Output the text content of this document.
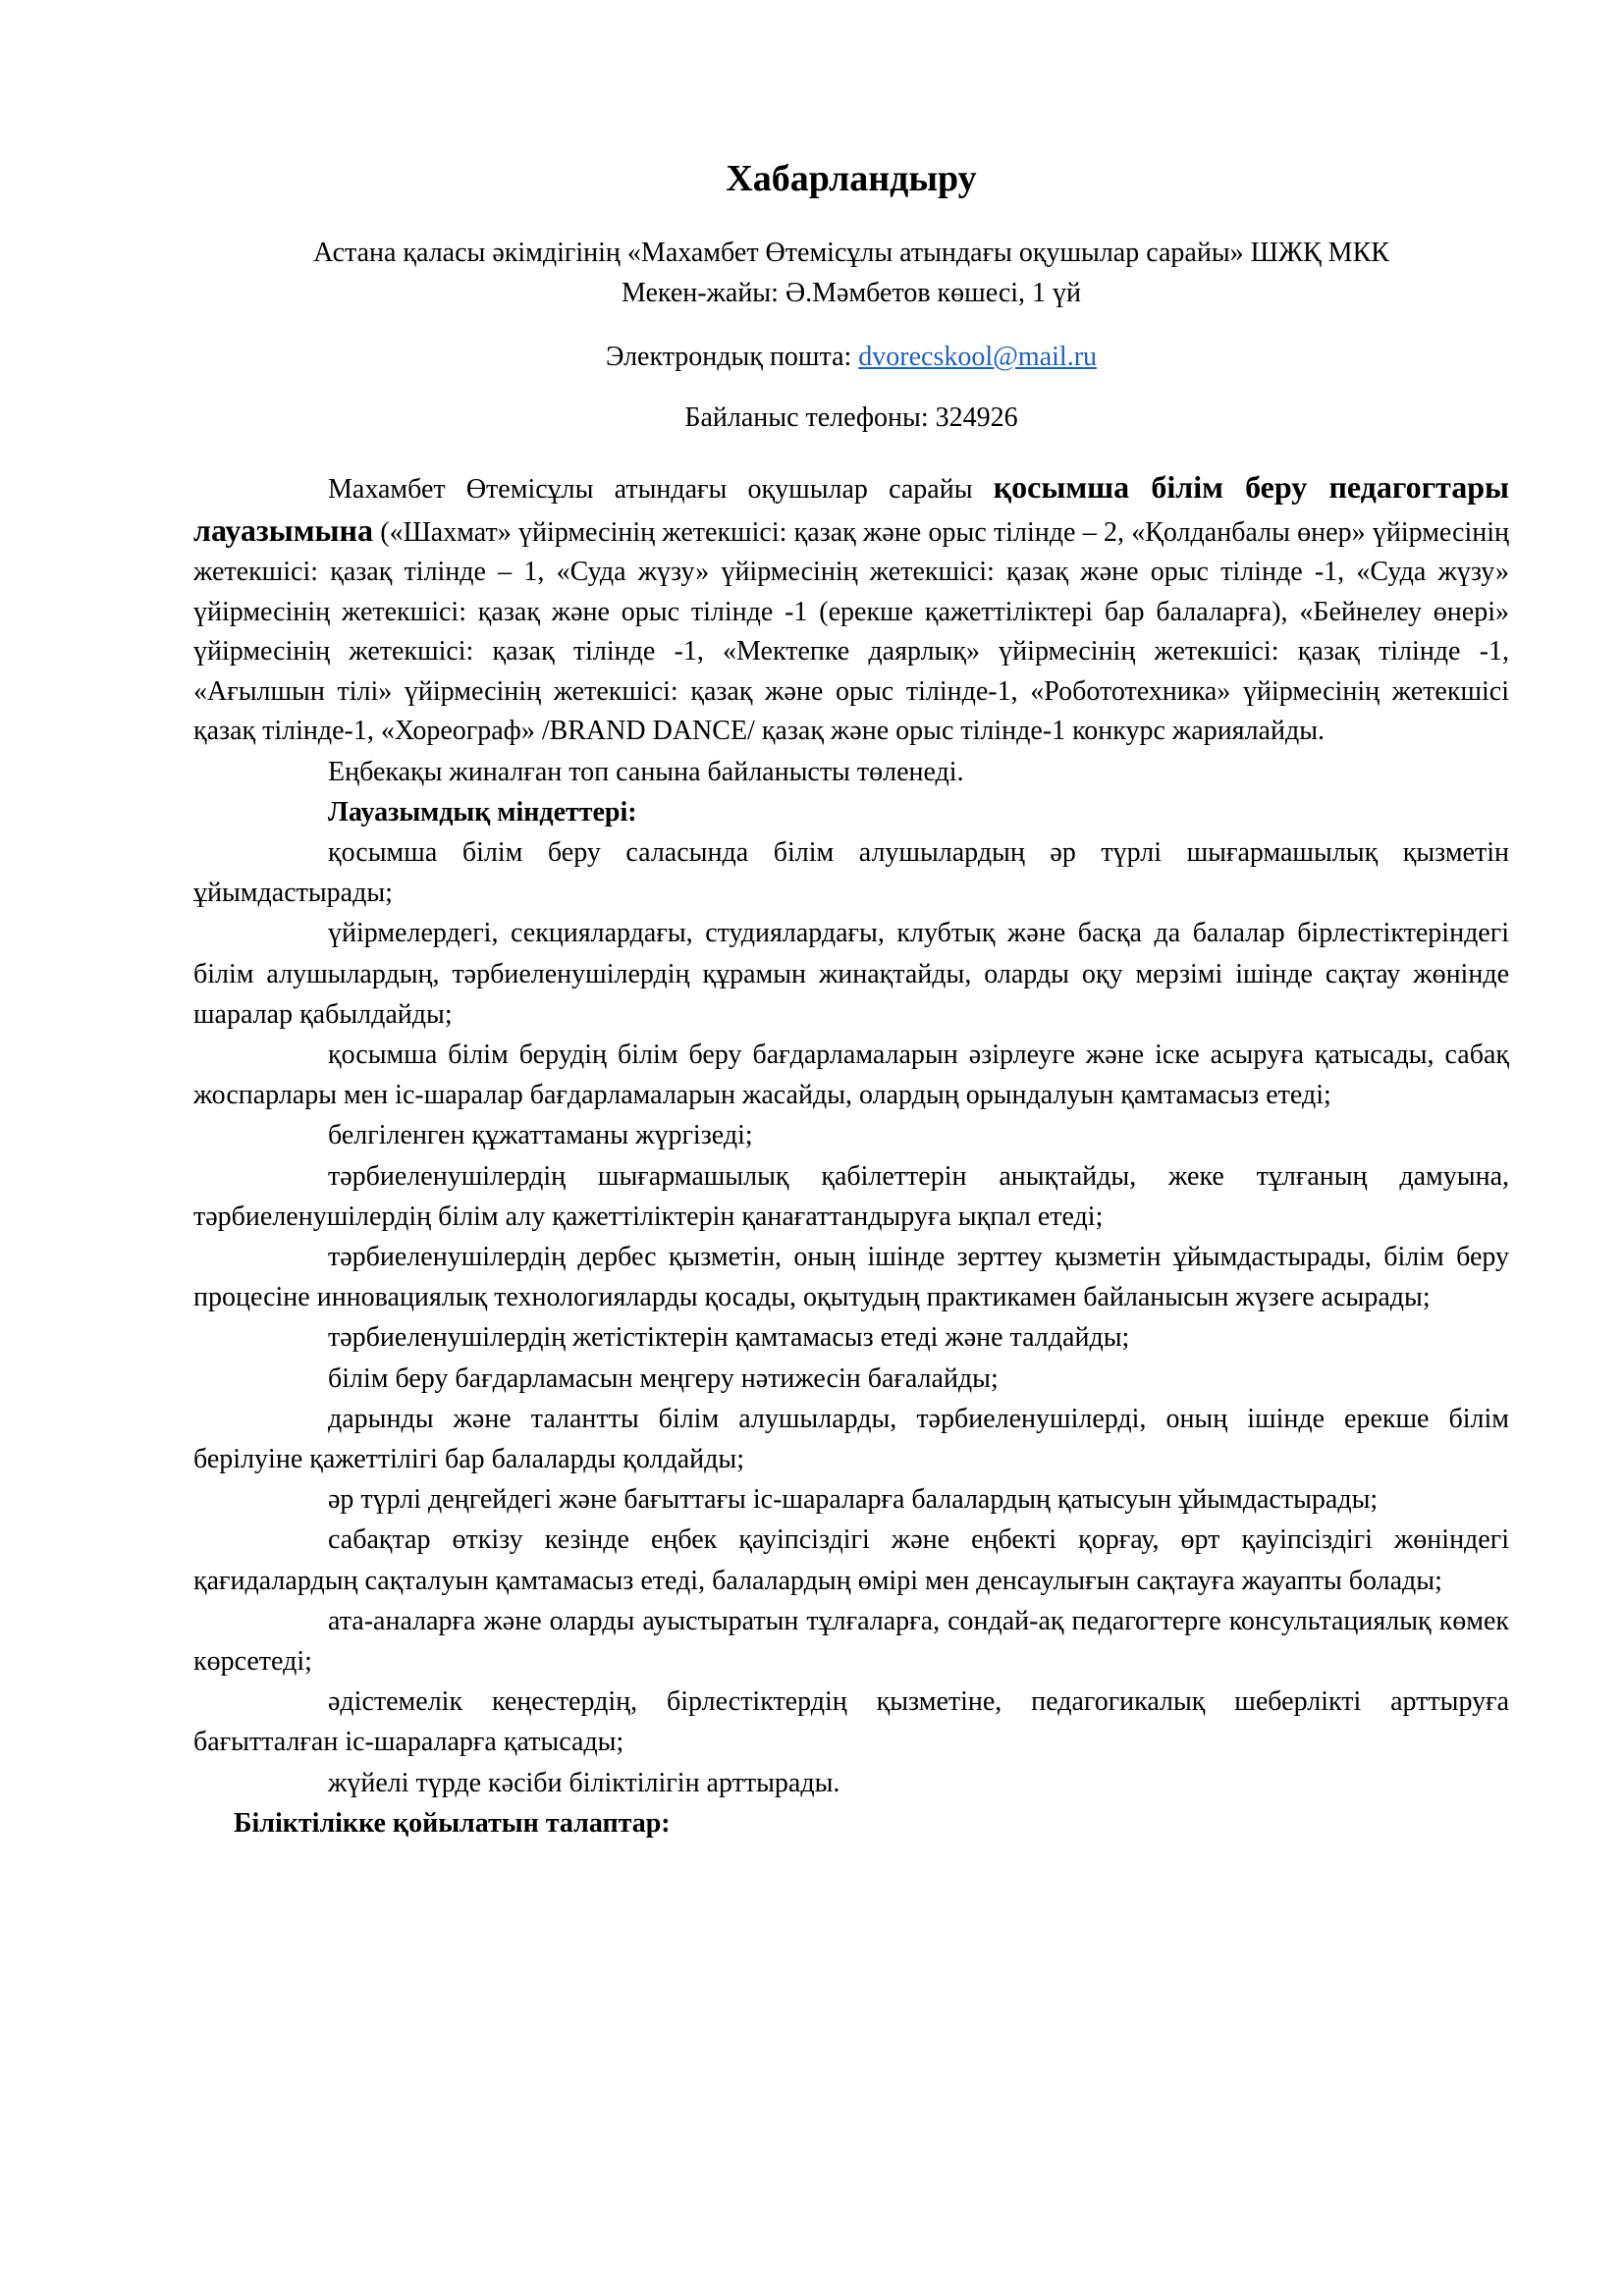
Хабарландыру
Астана қаласы әкімдігінің «Махамбет Өтемісұлы атындағы оқушылар сарайы» ШЖҚ МКК
Мекен-жайы: Ә.Мәмбетов көшесі, 1 үй
Электрондық пошта: dvorecskool@mail.ru
Байланыс телефоны: 324926

Махамбет Өтемісұлы атындағы оқушылар сарайы қосымша білім беру педагогтары лауазымына («Шахмат» үйірмесінің жетекшісі: қазақ және орыс тілінде – 2, «Қолданбалы өнер» үйірмесінің жетекшісі: қазақ тілінде – 1, «Суда жүзу» үйірмесінің жетекшісі: қазақ және орыс тілінде -1, «Суда жүзу» үйірмесінің жетекшісі: қазақ және орыс тілінде -1 (ерекше қажеттіліктері бар балаларға), «Бейнелеу өнері» үйірмесінің жетекшісі: қазақ тілінде -1, «Мектепке даярлық» үйірмесінің жетекшісі: қазақ тілінде -1, «Ағылшын тілі» үйірмесінің жетекшісі: қазақ және орыс тілінде-1, «Робототехника» үйірмесінің жетекшісі қазақ тілінде-1, «Хореограф» /BRAND DANCE/ қазақ және орыс тілінде-1 конкурс жариялайды.

Еңбекақы жиналған топ санына байланысты төленеді.

Лауазымдық міндеттері:

қосымша білім беру саласында білім алушылардың әр түрлі шығармашылық қызметін ұйымдастырады;

үйірмелердегі, секциялардағы, студиялардағы, клубтық және басқа да балалар бірлестіктеріндегі білім алушылардың, тәрбиеленушілердің құрамын жинақтайды, оларды оқу мерзімі ішінде сақтау жөнінде шаралар қабылдайды;

қосымша білім берудің білім беру бағдарламаларын әзірлеуге және іске асыруға қатысады, сабақ жоспарлары мен іс-шаралар бағдарламаларын жасайды, олардың орындалуын қамтамасыз етеді;

белгіленген құжаттаманы жүргізеді;

тәрбиеленушілердің шығармашылық қабілеттерін анықтайды, жеке тұлғаның дамуына, тәрбиеленушілердің білім алу қажеттіліктерін қанағаттандыруға ықпал етеді;

тәрбиеленушілердің дербес қызметін, оның ішінде зерттеу қызметін ұйымдастырады, білім беру процесіне инновациялық технологияларды қосады, оқытудың практикамен байланысын жүзеге асырады;

тәрбиеленушілердің жетістіктерін қамтамасыз етеді және талдайды;

білім беру бағдарламасын меңгеру нәтижесін бағалайды;

дарынды және талантты білім алушыларды, тәрбиеленушілерді, оның ішінде ерекше білім берілуіне қажеттілігі бар балаларды қолдайды;

әр түрлі деңгейдегі және бағыттағы іс-шараларға балалардың қатысуын ұйымдастырады;

сабақтар өткізу кезінде еңбек қауіпсіздігі және еңбекті қорғау, өрт қауіпсіздігі жөніндегі қағидалардың сақталуын қамтамасыз етеді, балалардың өмірі мен денсаулығын сақтауға жауапты болады;

ата-аналарға және оларды ауыстыратын тұлғаларға, сондай-ақ педагогтерге консультациялық көмек көрсетеді;

әдістемелік кеңестердің, бірлестіктердің қызметіне, педагогикалық шеберлікті арттыруға бағытталған іс-шараларға қатысады;

жүйелі түрде кәсіби біліктілігін арттырады.

Біліктілікке қойылатын талаптар:
